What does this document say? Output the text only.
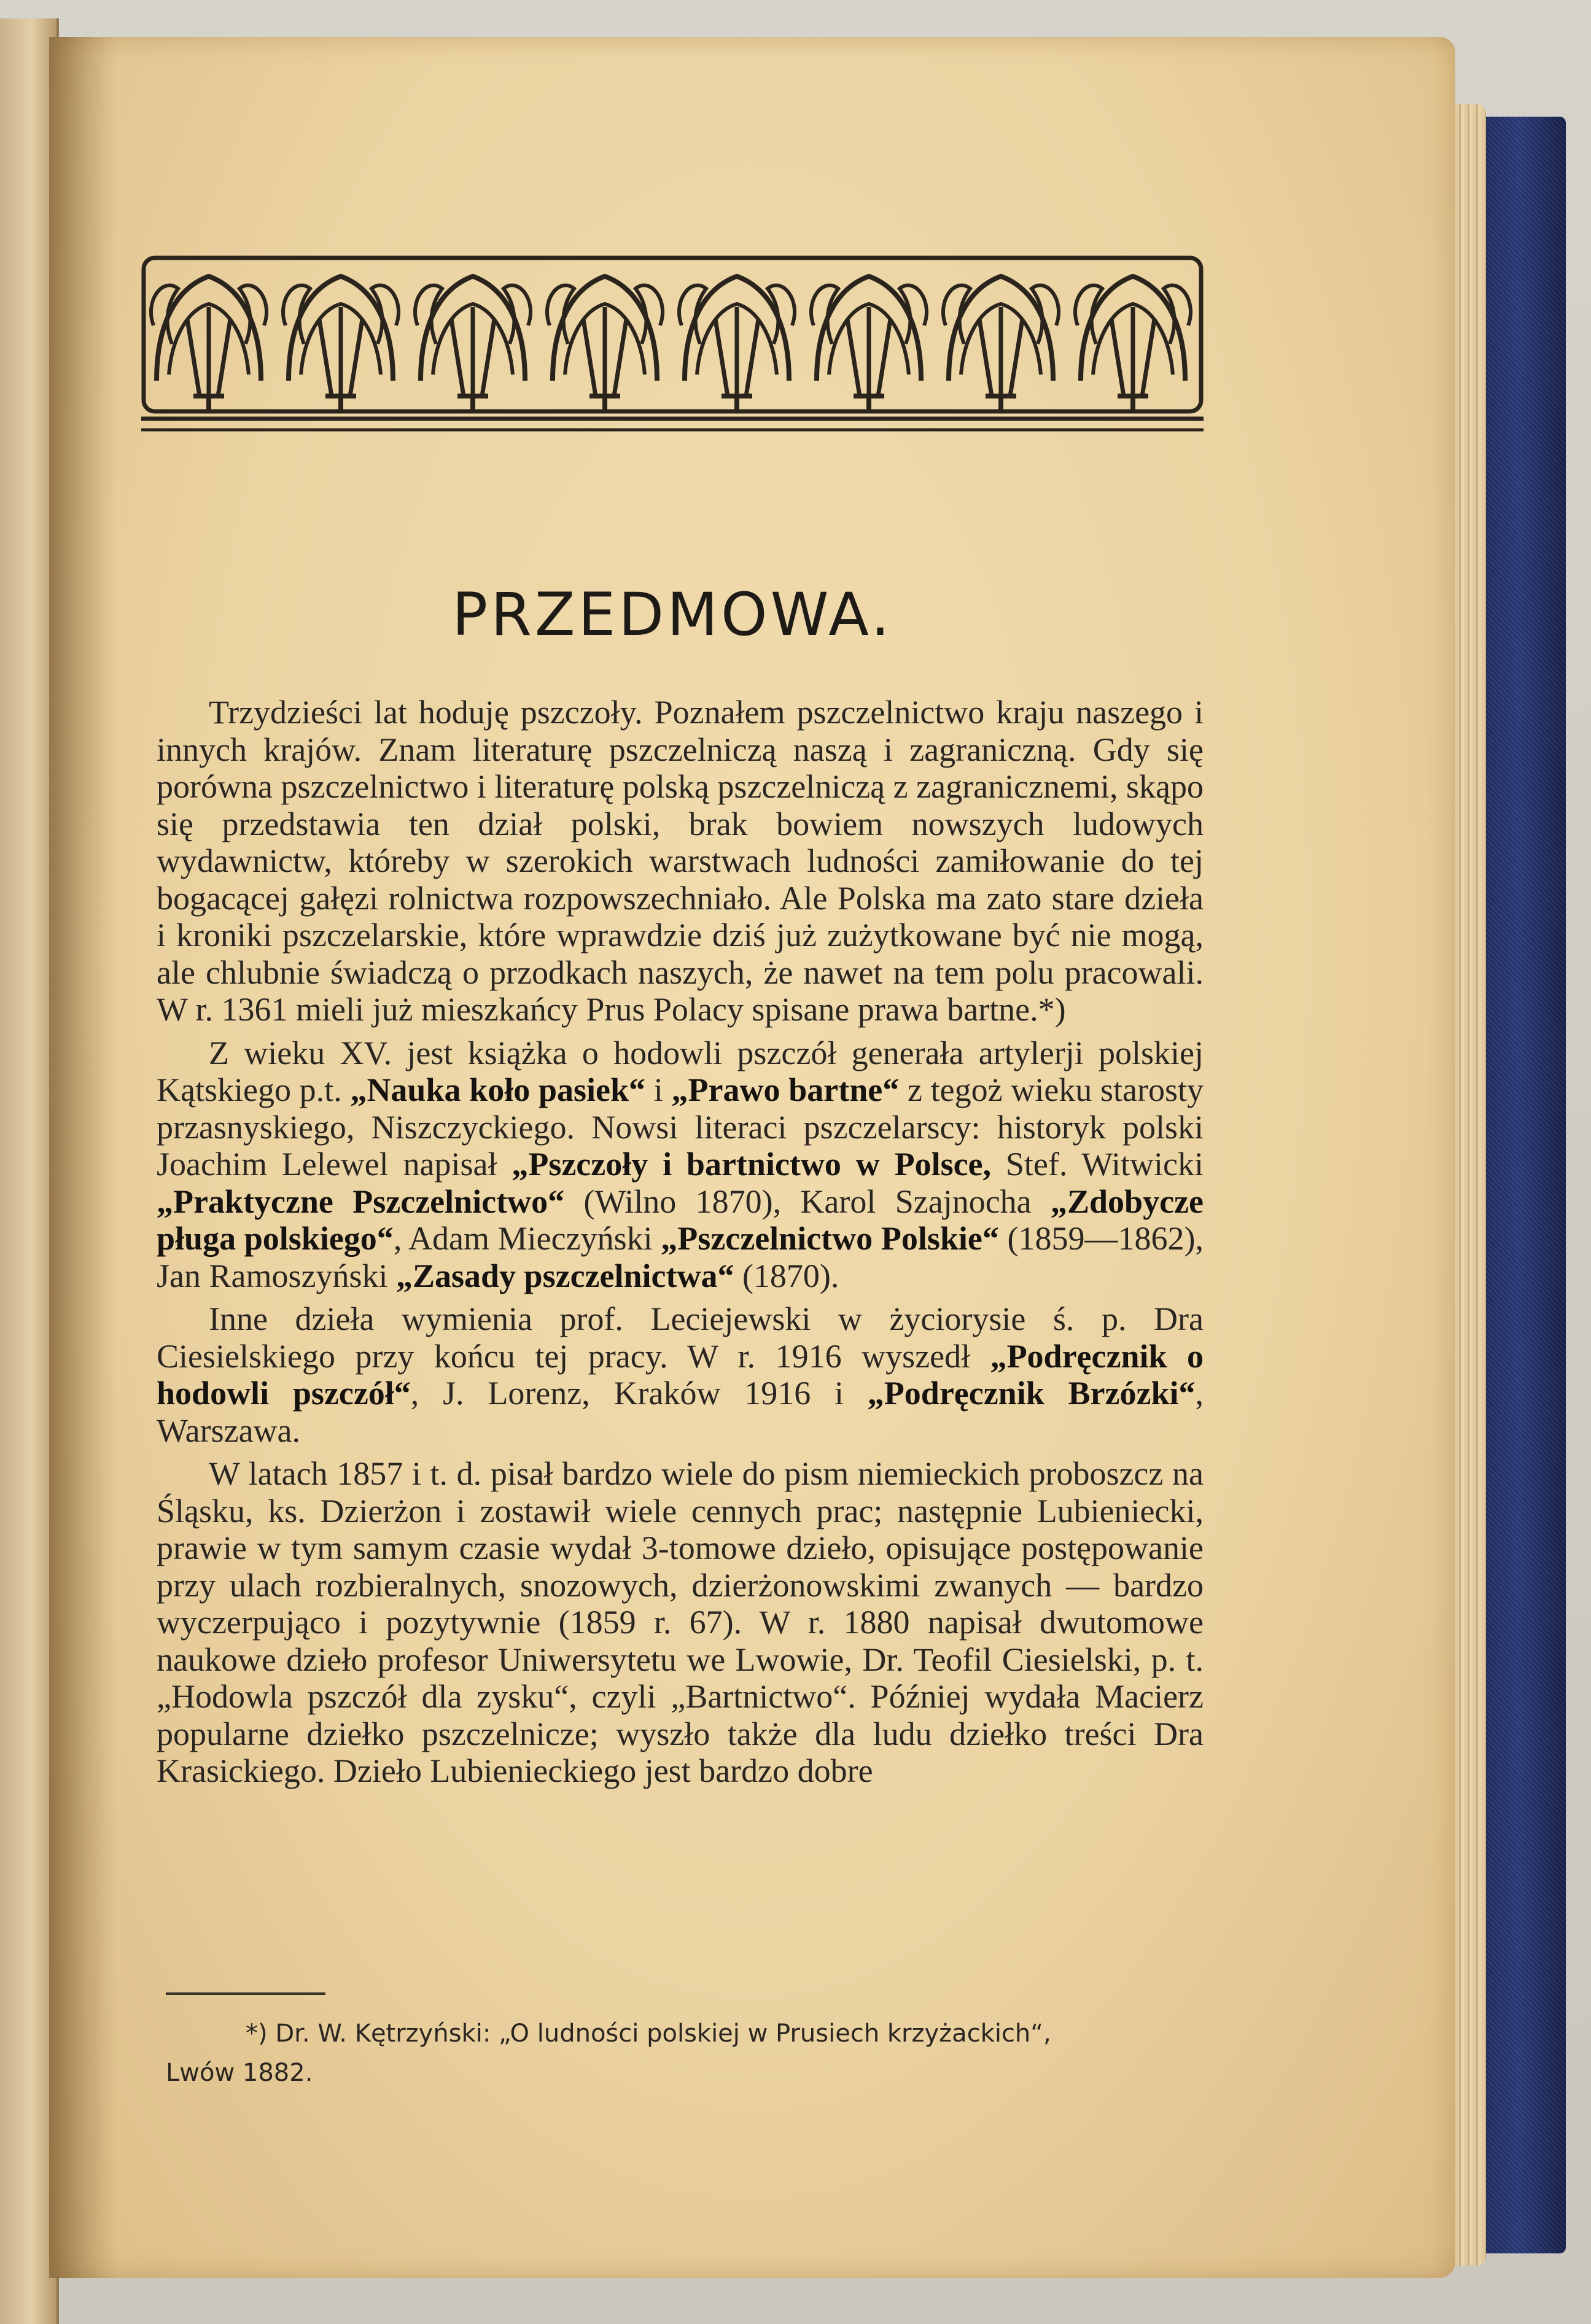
PRZEDMOWA.

Trzydzieści lat hoduję pszczoły. Poznałem pszczelnictwo kraju naszego i innych krajów. Znam literaturę pszczelniczą naszą i zagraniczną. Gdy się porówna pszczelnictwo i literaturę polską pszczelniczą z zagranicznemi, skąpo się przedstawia ten dział polski, brak bowiem nowszych ludowych wydawnictw, któreby w szerokich warstwach ludności zamiłowanie do tej bogacącej gałęzi rolnictwa rozpowszechniało. Ale Polska ma zato stare dzieła i kroniki pszczelarskie, które wprawdzie dziś już zużytkowane być nie mogą, ale chlubnie świadczą o przodkach naszych, że nawet na tem polu pracowali. W r. 1361 mieli już mieszkańcy Prus Polacy spisane prawa bartne.*)

Z wieku XV. jest książka o hodowli pszczół generała artylerji polskiej Kątskiego p.t. „Nauka koło pasiek“ i „Prawo bartne“ z tegoż wieku starosty przasnyskiego, Niszczyckiego. Nowsi literaci pszczelarscy: historyk polski Joachim Lelewel napisał „Pszczoły i bartnictwo w Polsce, Stef. Witwicki „Praktyczne Pszczelnictwo“ (Wilno 1870), Karol Szajnocha „Zdobycze pługa polskiego“, Adam Mieczyński „Pszczelnictwo Polskie“ (1859—1862), Jan Ramoszyński „Zasady pszczelnictwa“ (1870).

Inne dzieła wymienia prof. Leciejewski w życiorysie ś. p. Dra Ciesielskiego przy końcu tej pracy. W r. 1916 wyszedł „Podręcznik o hodowli pszczół“, J. Lorenz, Kraków 1916 i „Podręcznik Brzózki“, Warszawa.

W latach 1857 i t. d. pisał bardzo wiele do pism niemieckich proboszcz na Śląsku, ks. Dzierżon i zostawił wiele cennych prac; następnie Lubieniecki, prawie w tym samym czasie wydał 3-tomowe dzieło, opisujące postępowanie przy ulach rozbieralnych, snozowych, dzierżonowskimi zwanych — bardzo wyczerpująco i pozytywnie (1859 r. 67). W r. 1880 napisał dwutomowe naukowe dzieło profesor Uniwersytetu we Lwowie, Dr. Teofil Ciesielski, p. t. „Hodowla pszczół dla zysku“, czyli „Bartnictwo“. Później wydała Macierz popularne dziełko pszczelnicze; wyszło także dla ludu dziełko treści Dra Krasickiego. Dzieło Lubienieckiego jest bardzo dobre

*) Dr. W. Kętrzyński: „O ludności polskiej w Prusiech krzyżackich“,
Lwów 1882.
